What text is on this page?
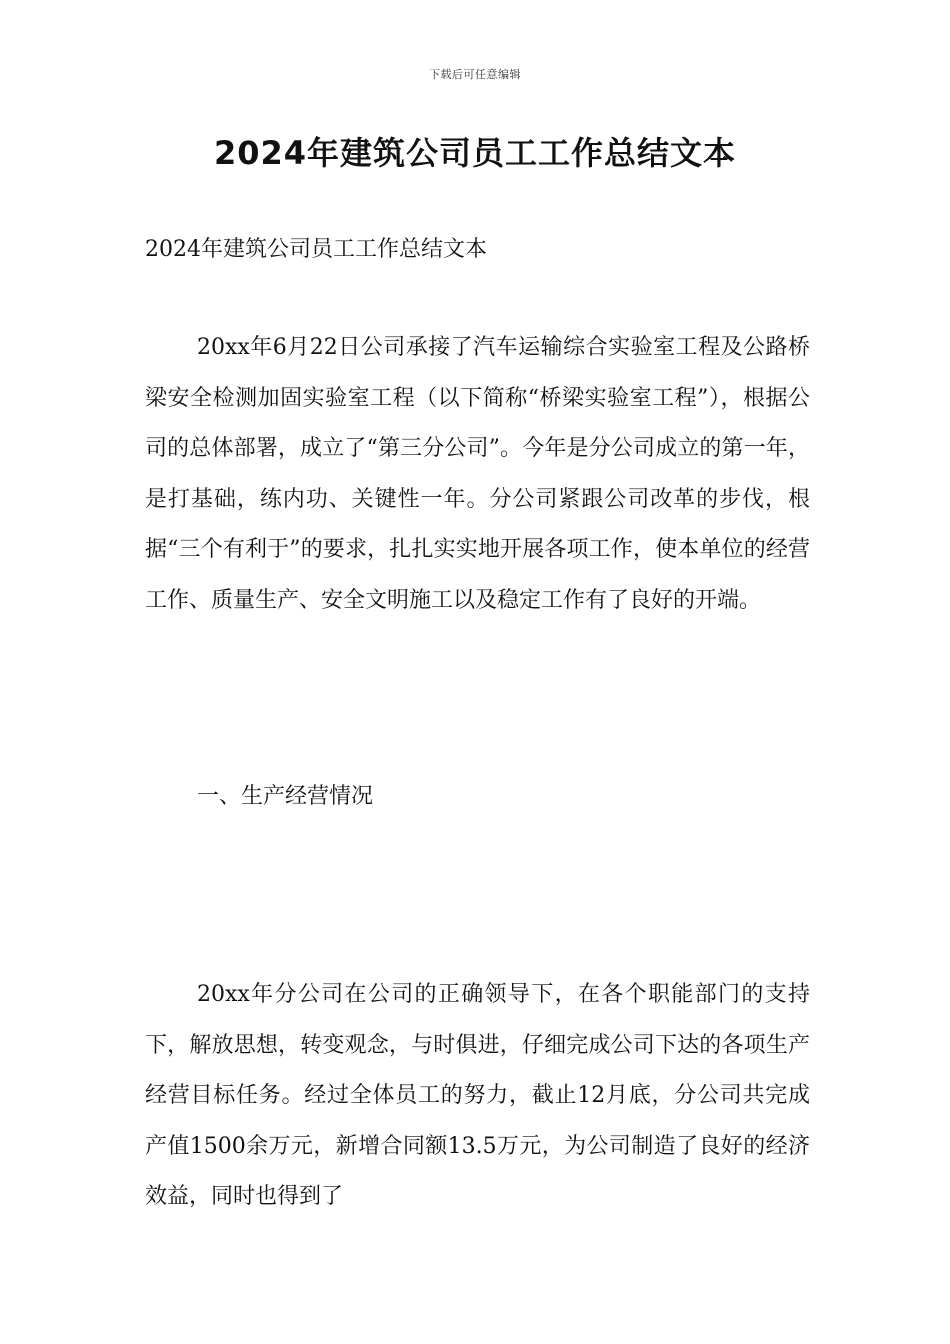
下载后可任意编辑
2024年建筑公司员工工作总结文本
2024年建筑公司员工工作总结文本

20xx年6月22日公司承接了汽车运输综合实验室工程及公路桥梁安全检测加固实验室工程（以下简称“桥梁实验室工程”），根据公司的总体部署，成立了“第三分公司”。今年是分公司成立的第一年，是打基础，练内功、关键性一年。分公司紧跟公司改革的步伐，根据“三个有利于”的要求，扎扎实实地开展各项工作，使本单位的经营工作、质量生产、安全文明施工以及稳定工作有了良好的开端。

一、生产经营情况

20xx年分公司在公司的正确领导下，在各个职能部门的支持下，解放思想，转变观念，与时俱进，仔细完成公司下达的各项生产经营目标任务。经过全体员工的努力，截止12月底，分公司共完成产值1500余万元，新增合同额13.5万元，为公司制造了良好的经济效益，同时也得到了
